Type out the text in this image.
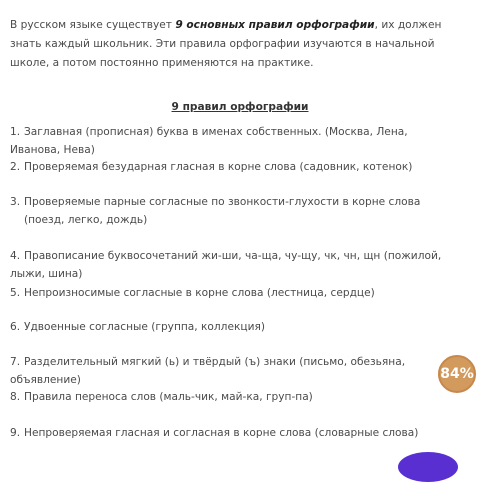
В русском языке существует 9 основных правил орфографии, их должен знать каждый школьник. Эти правила орфографии изучаются в начальной школе, а потом постоянно применяются на практике.
9 правил орфографии
1. Заглавная (прописная) буква в именах собственных. (Москва, Лена, Иванова, Нева)
2. Проверяемая безударная гласная в корне слова (садовник, котенок)
3. Проверяемые парные согласные по звонкости-глухости в корне слова (поезд, легко, дождь)
4. Правописание буквосочетаний жи-ши, ча-ща, чу-щу, чк, чн, щн (пожилой, лыжи, шина)
5. Непроизносимые согласные в корне слова (лестница, сердце)
6. Удвоенные согласные (группа, коллекция)
7. Разделительный мягкий (ь) и твёрдый (ъ) знаки (письмо, обезьяна, объявление)
8. Правила переноса слов (маль-чик, май-ка, груп-па)
9. Непроверяемая гласная и согласная в корне слова (словарные слова)
84%
